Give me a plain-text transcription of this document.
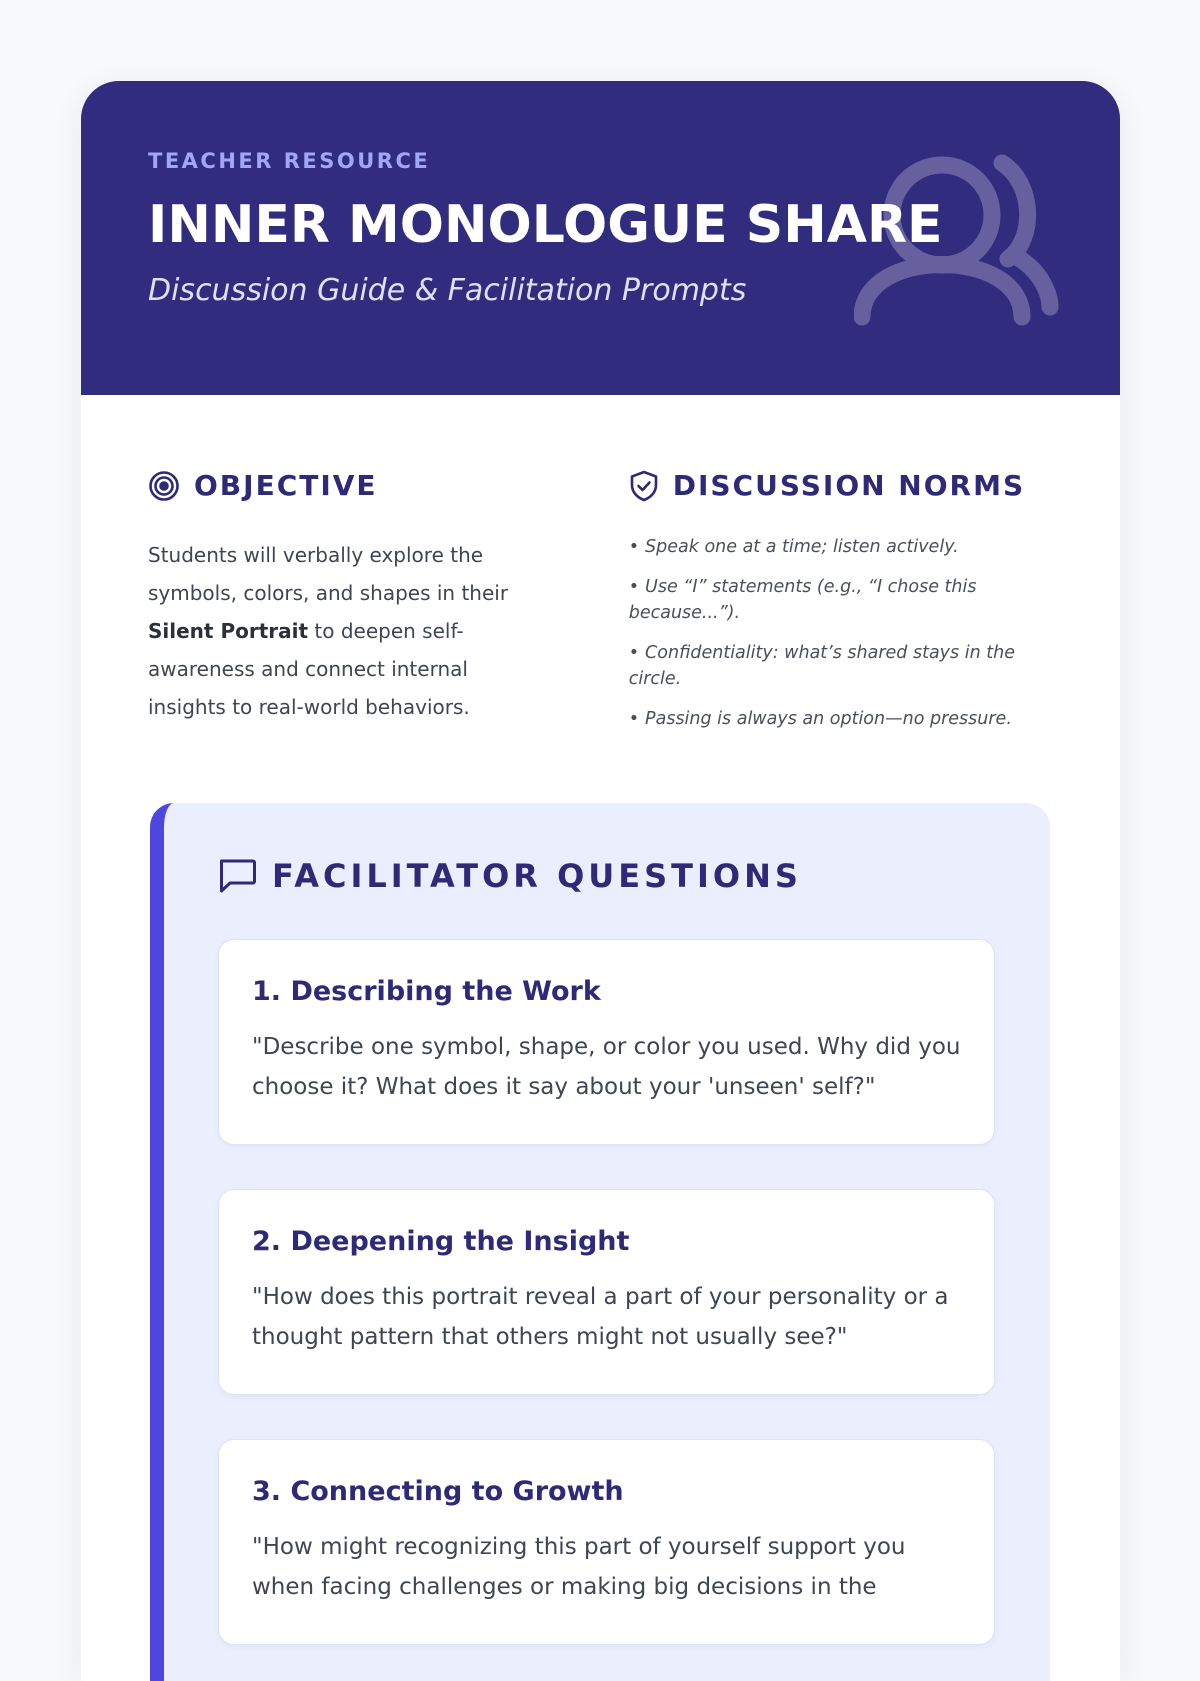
TEACHER RESOURCE
INNER MONOLOGUE SHARE
Discussion Guide & Facilitation Prompts
OBJECTIVE

Students will verbally explore the symbols, colors, and shapes in their Silent Portrait to deepen self-awareness and connect internal insights to real-world behaviors.

DISCUSSION NORMS
• Speak one at a time; listen actively.
• Use “I” statements (e.g., “I chose this because...”).
• Confidentiality: what’s shared stays in the circle.
• Passing is always an option—no pressure.
FACILITATOR QUESTIONS
1. Describing the Work

"Describe one symbol, shape, or color you used. Why did you choose it? What does it say about your 'unseen' self?"

2. Deepening the Insight

"How does this portrait reveal a part of your personality or a thought pattern that others might not usually see?"

3. Connecting to Growth

"How might recognizing this part of yourself support you when facing challenges or making big decisions in the
